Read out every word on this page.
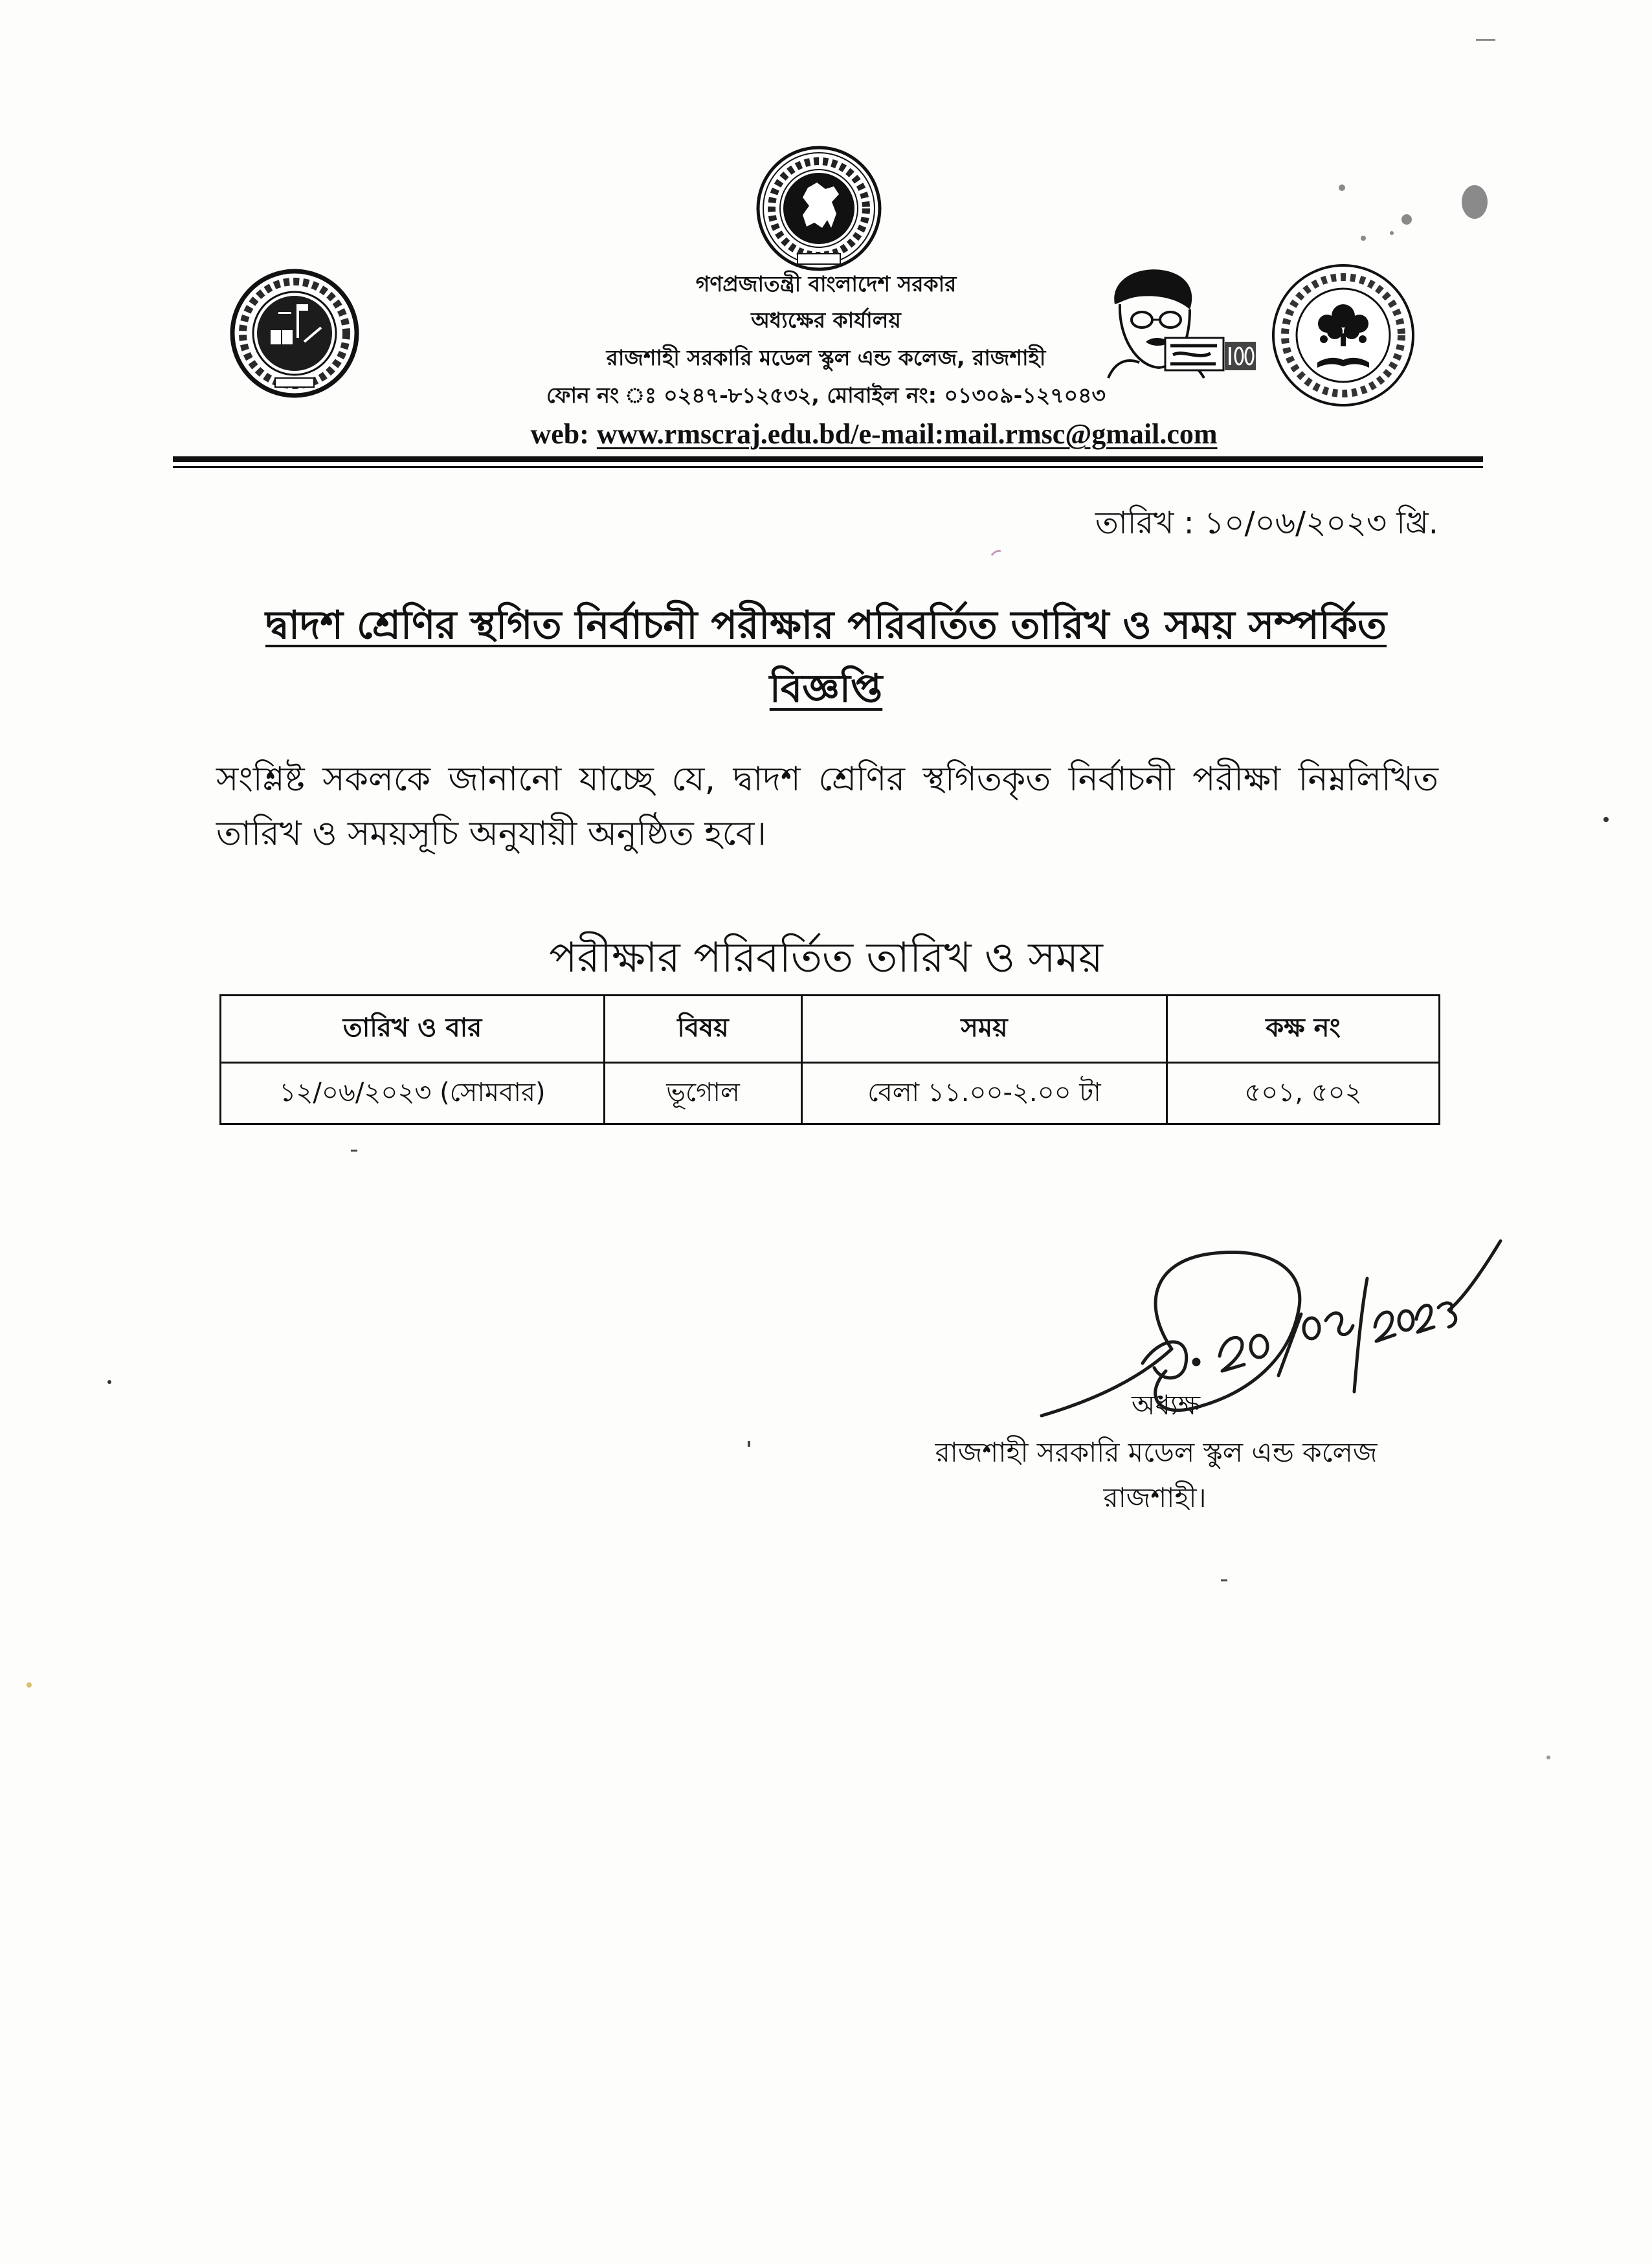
গণপ্রজাতন্ত্রী বাংলাদেশ সরকার
অধ্যক্ষের কার্যালয়
রাজশাহী সরকারি মডেল স্কুল এন্ড কলেজ, রাজশাহী
ফোন নং ঃ ০২৪৭-৮১২৫৩২, মোবাইল নং: ০১৩০৯-১২৭০৪৩
web: www.rmscraj.edu.bd/e-mail:mail.rmsc@gmail.com
তারিখ : ১০/০৬/২০২৩ খ্রি.
দ্বাদশ শ্রেণির স্থগিত নির্বাচনী পরীক্ষার পরিবর্তিত তারিখ ও সময় সম্পর্কিত
বিজ্ঞপ্তি
সংশ্লিষ্ট সকলকে জানানো যাচ্ছে যে, দ্বাদশ শ্রেণির স্থগিতকৃত নির্বাচনী পরীক্ষা নিম্নলিখিত তারিখ ও সময়সূচি অনুযায়ী অনুষ্ঠিত হবে।
পরীক্ষার পরিবর্তিত তারিখ ও সময়
তারিখ ও বার	বিষয়	সময়	কক্ষ নং
১২/০৬/২০২৩ (সোমবার)	ভূগোল	বেলা ১১.০০-২.০০ টা	৫০১, ৫০২
অধ্যক্ষ
রাজশাহী সরকারি মডেল স্কুল এন্ড কলেজ
রাজশাহী।
